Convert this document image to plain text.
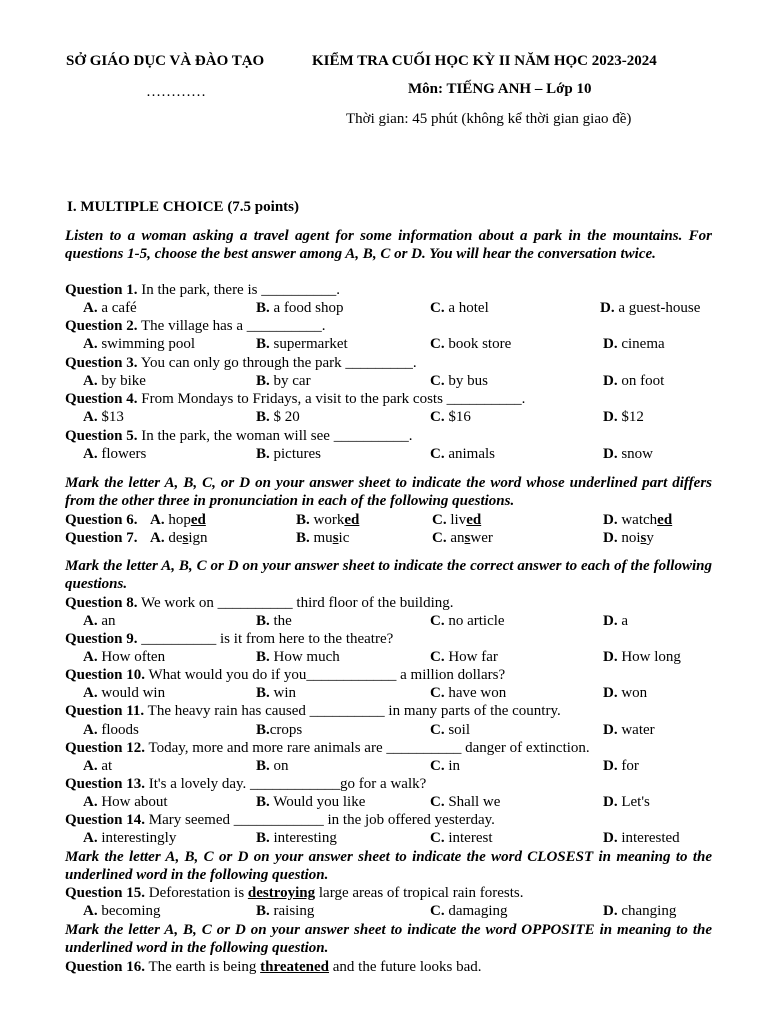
SỞ GIÁO DỤC VÀ ĐÀO TẠO	KIỂM TRA CUỐI HỌC KỲ II NĂM HỌC 2023-2024
…………	Môn: TIẾNG ANH – Lớp 10
Thời gian: 45 phút (không kể thời gian giao đề)
I. MULTIPLE CHOICE (7.5 points)
Listen to a woman asking a travel agent for some information about a park in the mountains. For questions 1-5, choose the best answer among A, B, C or D. You will hear the conversation twice.
Question 1. In the park, there is __________.
A. a café	B. a food shop	C. a hotel	D. a guest-house
Question 2. The village has a __________.
A. swimming pool	B. supermarket	C. book store	D. cinema
Question 3. You can only go through the park _________.
A. by bike	B. by car	C. by bus	D. on foot
Question 4. From Mondays to Fridays, a visit to the park costs __________.
A. $13	B. $ 20	C. $16	D. $12
Question 5. In the park, the woman will see __________.
A. flowers	B. pictures	C. animals	D. snow
Mark the letter A, B, C, or D on your answer sheet to indicate the word whose underlined part differs from the other three in pronunciation in each of the following questions.
Question 6. A. hoped	B. worked	C. lived	D. watched
Question 7. A. design	B. music	C. answer	D. noisy
Mark the letter A, B, C or D on your answer sheet to indicate the correct answer to each of the following questions.
Question 8. We work on __________ third floor of the building.
A. an	B. the	C. no article	D. a
Question 9. __________ is it from here to the theatre?
A. How often	B. How much	C. How far	D. How long
Question 10. What would you do if you____________ a million dollars?
A. would win	B. win	C. have won	D. won
Question 11. The heavy rain has caused __________ in many parts of the country.
A. floods	B.crops	C. soil	D. water
Question 12. Today, more and more rare animals are __________ danger of extinction.
A. at	B. on	C. in	D. for
Question 13. It's a lovely day. ____________go for a walk?
A. How about	B. Would you like	C. Shall we	D. Let's
Question 14. Mary seemed ____________ in the job offered yesterday.
A. interestingly	B. interesting	C. interest	D. interested
Mark the letter A, B, C or D on your answer sheet to indicate the word CLOSEST in meaning to the underlined word in the following question.
Question 15. Deforestation is destroying large areas of tropical rain forests.
A. becoming	B. raising	C. damaging	D. changing
Mark the letter A, B, C or D on your answer sheet to indicate the word OPPOSITE in meaning to the underlined word in the following question.
Question 16. The earth is being threatened and the future looks bad.
